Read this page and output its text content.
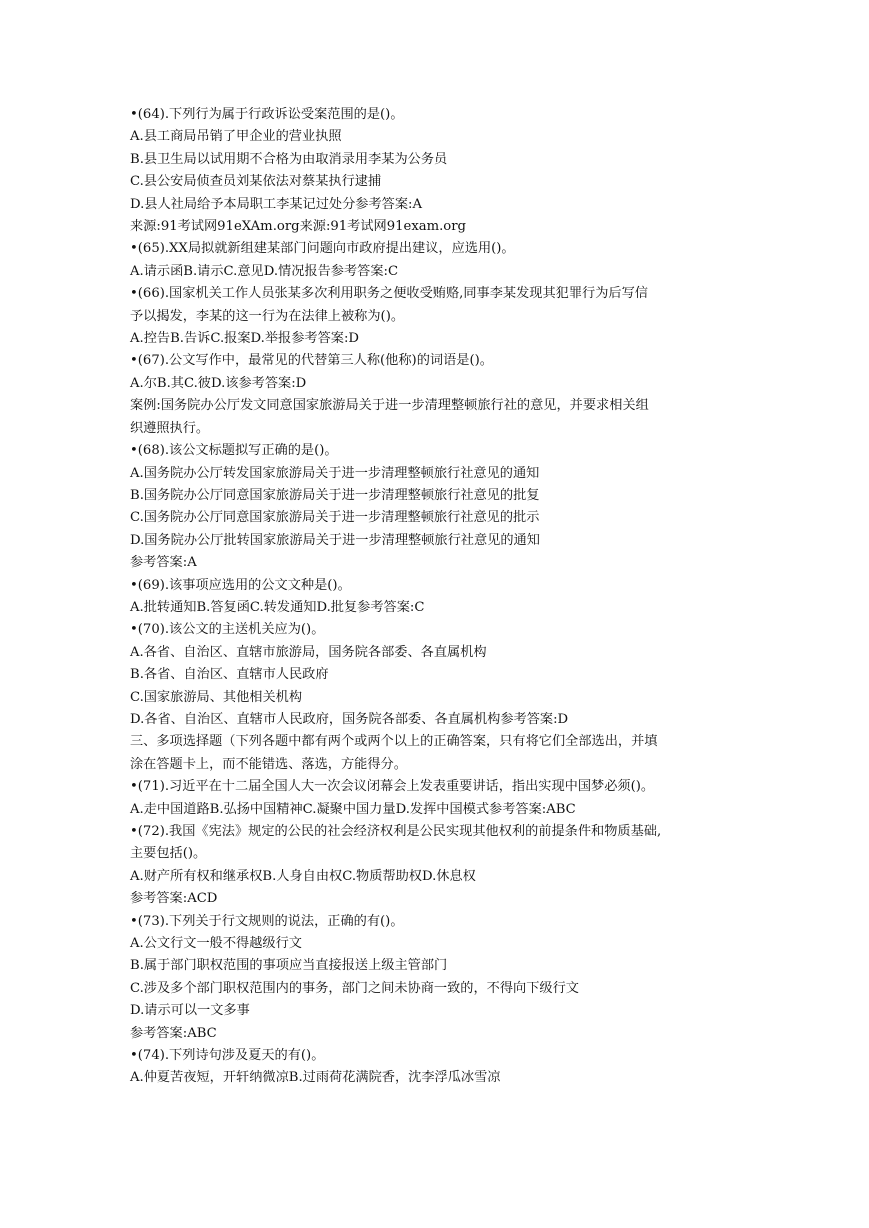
•(64).下列行为属于行政诉讼受案范围的是()。
A.县工商局吊销了甲企业的营业执照
B.县卫生局以试用期不合格为由取消录用李某为公务员
C.县公安局侦查员刘某依法对蔡某执行逮捕
D.县人社局给予本局职工李某记过处分参考答案:A
来源:91考试网91eXAm.org来源:91考试网91exam.org
•(65).XX局拟就新组建某部门问题向市政府提出建议，应选用()。
A.请示函B.请示C.意见D.情况报告参考答案:C
•(66).国家机关工作人员张某多次利用职务之便收受贿赂,同事李某发现其犯罪行为后写信
予以揭发，李某的这一行为在法律上被称为()。
A.控告B.告诉C.报案D.举报参考答案:D
•(67).公文写作中，最常见的代替第三人称(他称)的词语是()。
A.尔B.其C.彼D.该参考答案:D
案例:国务院办公厅发文同意国家旅游局关于进一步清理整顿旅行社的意见，并要求相关组
织遵照执行。
•(68).该公文标题拟写正确的是()。
A.国务院办公厅转发国家旅游局关于进一步清理整顿旅行社意见的通知
B.国务院办公厅同意国家旅游局关于进一步清理整顿旅行社意见的批复
C.国务院办公厅同意国家旅游局关于进一步清理整顿旅行社意见的批示
D.国务院办公厅批转国家旅游局关于进一步清理整顿旅行社意见的通知
参考答案:A
•(69).该事项应选用的公文文种是()。
A.批转通知B.答复函C.转发通知D.批复参考答案:C
•(70).该公文的主送机关应为()。
A.各省、自治区、直辖市旅游局，国务院各部委、各直属机构
B.各省、自治区、直辖市人民政府
C.国家旅游局、其他相关机构
D.各省、自治区、直辖市人民政府，国务院各部委、各直属机构参考答案:D
三、多项选择题（下列各题中都有两个或两个以上的正确答案，只有将它们全部选出，并填
涂在答题卡上，而不能错选、落选，方能得分。
•(71).习近平在十二届全国人大一次会议闭幕会上发表重要讲话，指出实现中国梦必须()。
A.走中国道路B.弘扬中国精神C.凝聚中国力量D.发挥中国模式参考答案:ABC
•(72).我国《宪法》规定的公民的社会经济权利是公民实现其他权利的前提条件和物质基础,
主要包括()。
A.财产所有权和继承权B.人身自由权C.物质帮助权D.休息权
参考答案:ACD
•(73).下列关于行文规则的说法，正确的有()。
A.公文行文一般不得越级行文
B.属于部门职权范围的事项应当直接报送上级主管部门
C.涉及多个部门职权范围内的事务，部门之间未协商一致的，不得向下级行文
D.请示可以一文多事
参考答案:ABC
•(74).下列诗句涉及夏天的有()。
A.仲夏苦夜短，开轩纳微凉B.过雨荷花满院香，沈李浮瓜冰雪凉
